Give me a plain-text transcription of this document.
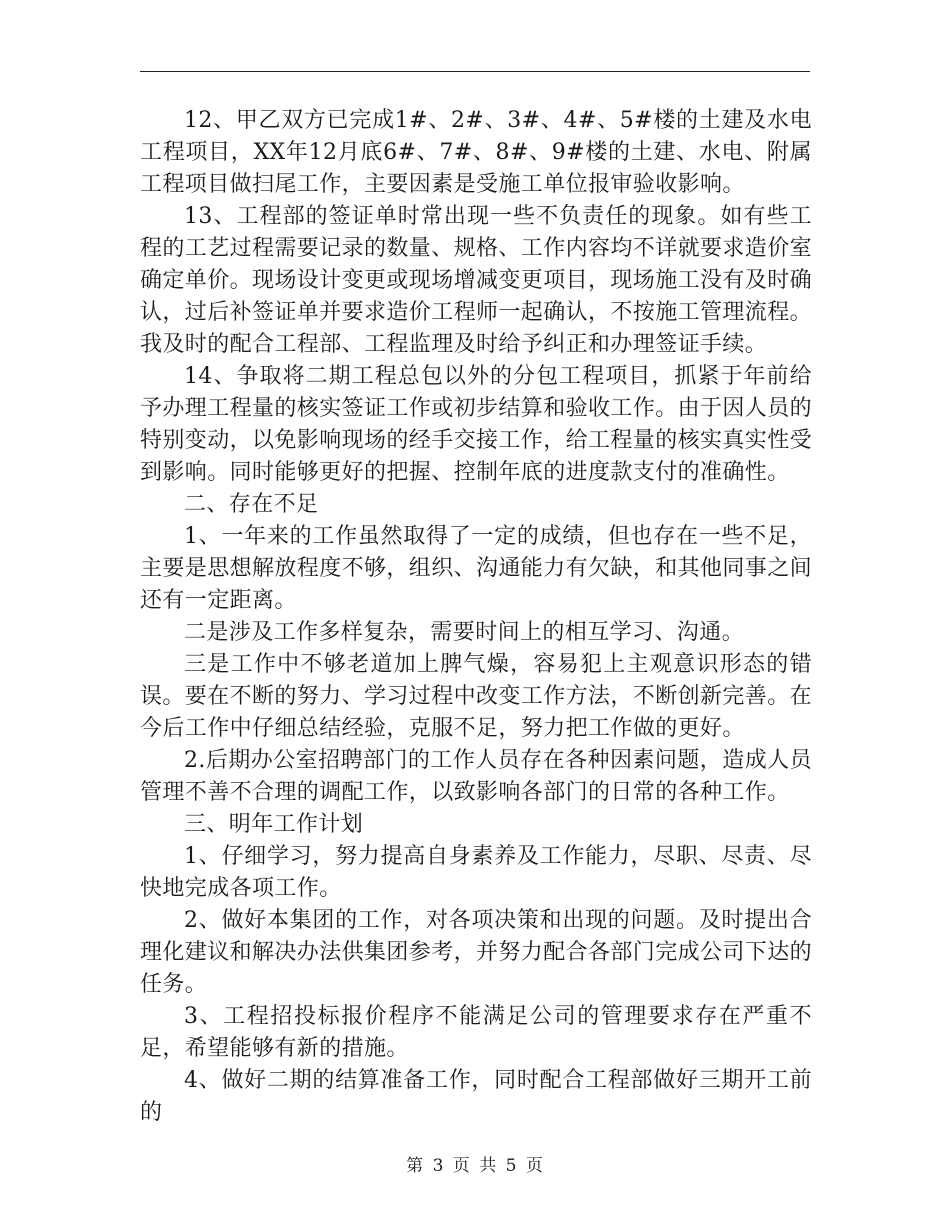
12、甲乙双方已完成1#、2#、3#、4#、5#楼的土建及水电工程项目，XX年12月底6#、7#、8#、9#楼的土建、水电、附属工程项目做扫尾工作，主要因素是受施工单位报审验收影响。

13、工程部的签证单时常出现一些不负责任的现象。如有些工程的工艺过程需要记录的数量、规格、工作内容均不详就要求造价室确定单价。现场设计变更或现场增减变更项目，现场施工没有及时确认，过后补签证单并要求造价工程师一起确认，不按施工管理流程。我及时的配合工程部、工程监理及时给予纠正和办理签证手续。

14、争取将二期工程总包以外的分包工程项目，抓紧于年前给予办理工程量的核实签证工作或初步结算和验收工作。由于因人员的特别变动，以免影响现场的经手交接工作，给工程量的核实真实性受到影响。同时能够更好的把握、控制年底的进度款支付的准确性。

二、存在不足

1、一年来的工作虽然取得了一定的成绩，但也存在一些不足，主要是思想解放程度不够，组织、沟通能力有欠缺，和其他同事之间还有一定距离。

二是涉及工作多样复杂，需要时间上的相互学习、沟通。

三是工作中不够老道加上脾气燥，容易犯上主观意识形态的错误。要在不断的努力、学习过程中改变工作方法，不断创新完善。在今后工作中仔细总结经验，克服不足，努力把工作做的更好。

2.后期办公室招聘部门的工作人员存在各种因素问题，造成人员管理不善不合理的调配工作，以致影响各部门的日常的各种工作。

三、明年工作计划

1、仔细学习，努力提高自身素养及工作能力，尽职、尽责、尽快地完成各项工作。

2、做好本集团的工作，对各项决策和出现的问题。及时提出合理化建议和解决办法供集团参考，并努力配合各部门完成公司下达的任务。

3、工程招投标报价程序不能满足公司的管理要求存在严重不足，希望能够有新的措施。

4、做好二期的结算准备工作，同时配合工程部做好三期开工前的

第 3 页 共 5 页
